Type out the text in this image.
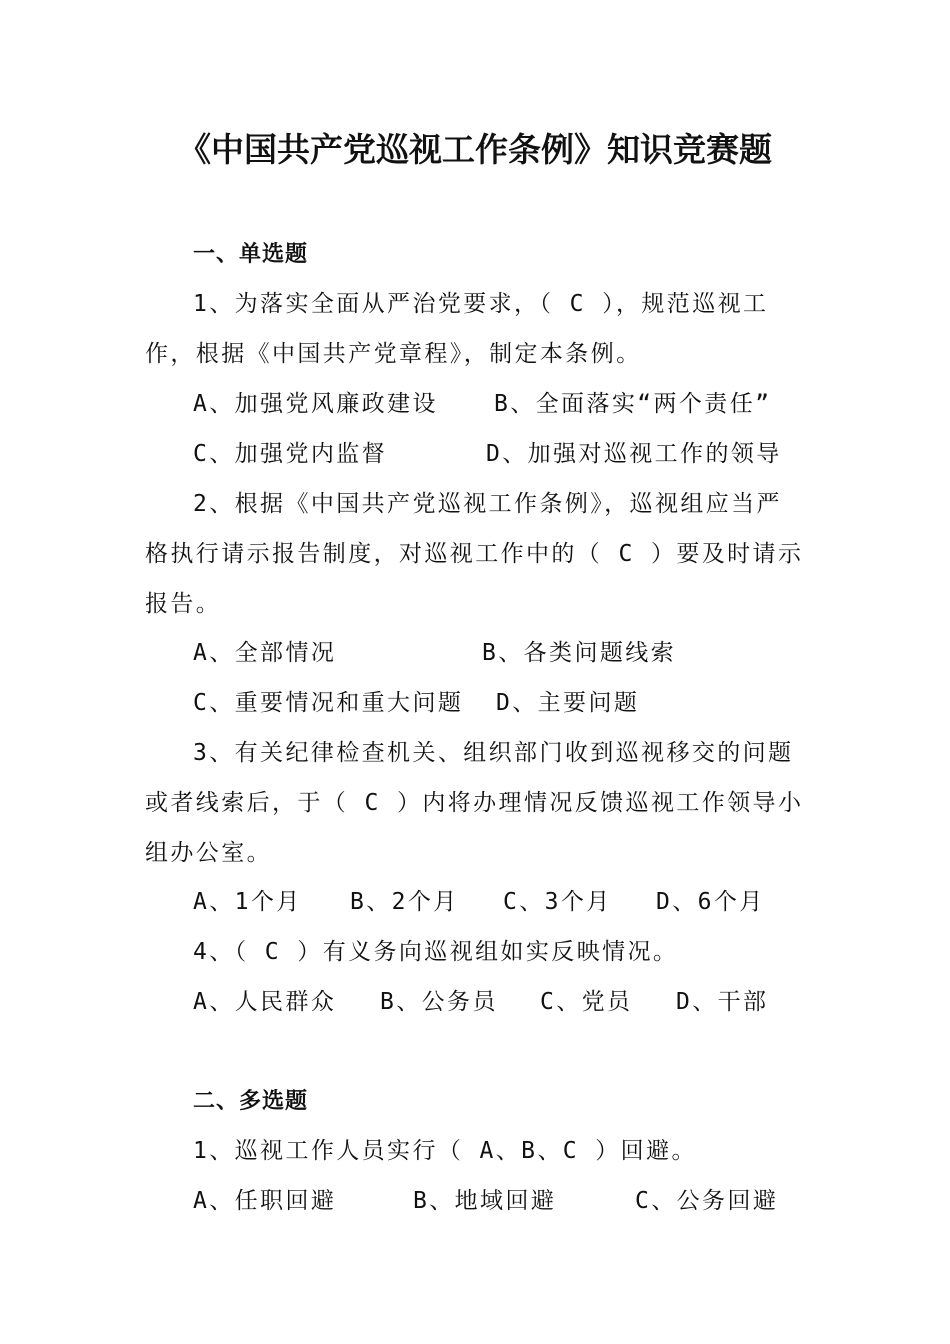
《中国共产党巡视工作条例》知识竞赛题
一、单选题
1、为落实全面从严治党要求，（ C ），规范巡视工
作，根据《中国共产党章程》，制定本条例。
A、加强党风廉政建设 B、全面落实“两个责任”
C、加强党内监督	D、加强对巡视工作的领导
2、根据《中国共产党巡视工作条例》，巡视组应当严
格执行请示报告制度，对巡视工作中的（ C ）要及时请示
报告。
A、全部情况	B、各类问题线索
C、重要情况和重大问题 D、主要问题
3、有关纪律检查机关、组织部门收到巡视移交的问题
或者线索后，于（ C ）内将办理情况反馈巡视工作领导小
组办公室。
A、1个月 B、2个月 C、3个月 D、6个月
4、（ C ）有义务向巡视组如实反映情况。
A、人民群众 B、公务员 C、党员 D、干部
二、多选题
1、巡视工作人员实行（ A、B、C ）回避。
A、任职回避	B、地域回避	C、公务回避
